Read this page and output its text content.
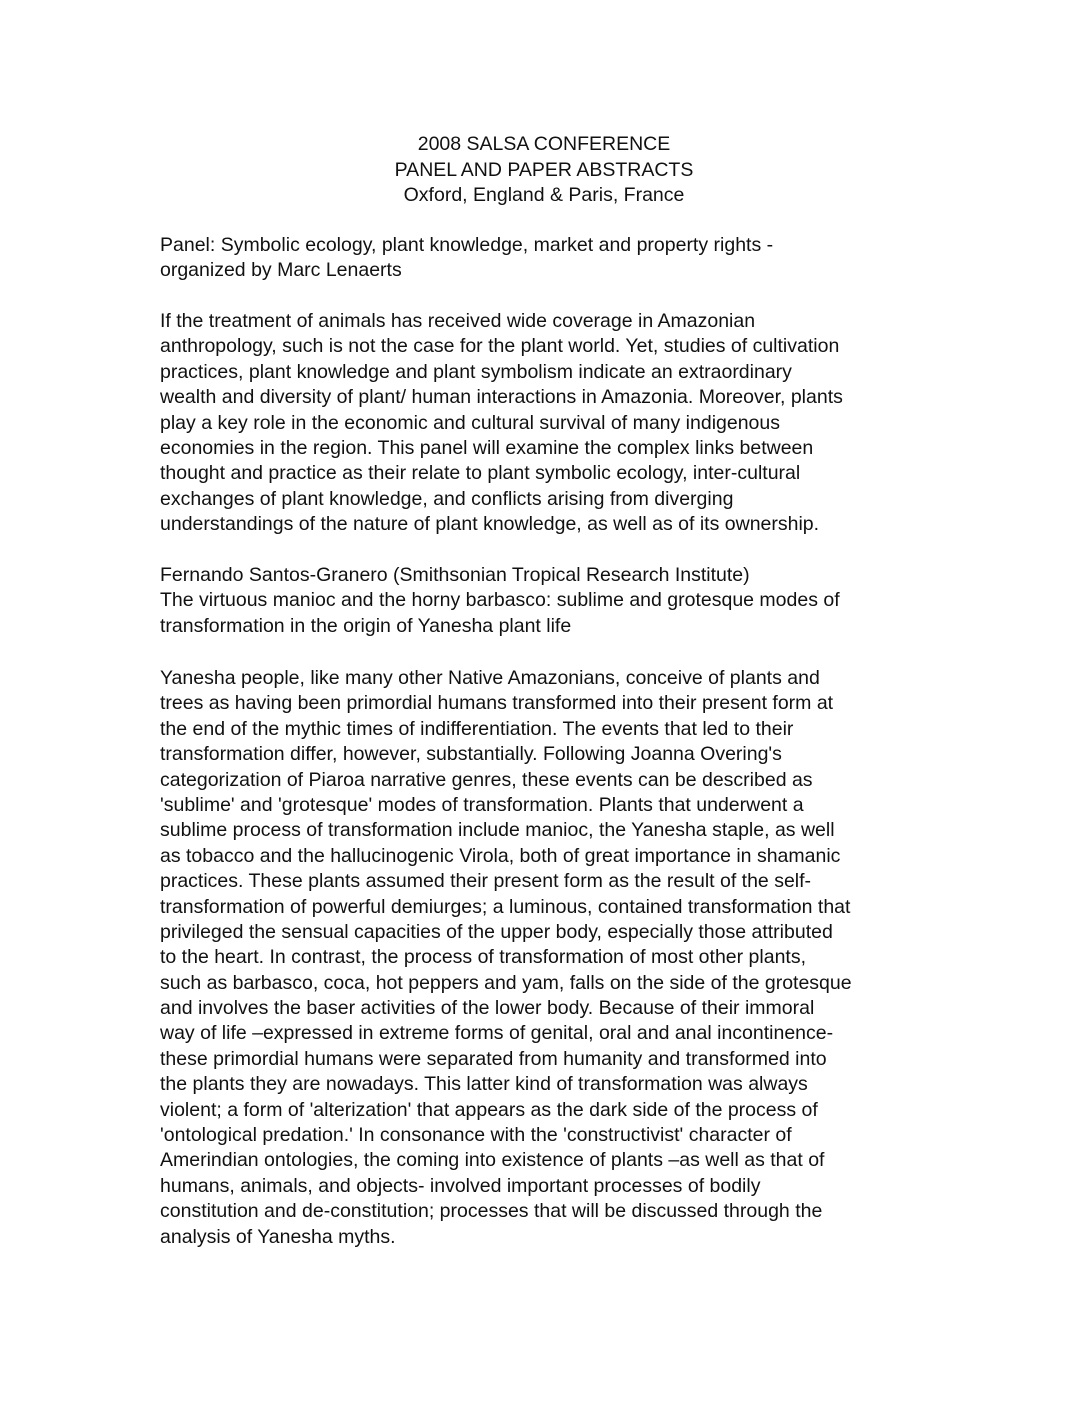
2008 SALSA CONFERENCE
PANEL AND PAPER ABSTRACTS
Oxford, England & Paris, France
Panel: Symbolic ecology, plant knowledge, market and property rights -
organized by Marc Lenaerts
If the treatment of animals has received wide coverage in Amazonian
anthropology, such is not the case for the plant world. Yet, studies of cultivation
practices, plant knowledge and plant symbolism indicate an extraordinary
wealth and diversity of plant/ human interactions in Amazonia. Moreover, plants
play a key role in the economic and cultural survival of many indigenous
economies in the region. This panel will examine the complex links between
thought and practice as their relate to plant symbolic ecology, inter-cultural
exchanges of plant knowledge, and conflicts arising from diverging
understandings of the nature of plant knowledge, as well as of its ownership.
Fernando Santos-Granero (Smithsonian Tropical Research Institute)
The virtuous manioc and the horny barbasco: sublime and grotesque modes of
transformation in the origin of Yanesha plant life
Yanesha people, like many other Native Amazonians, conceive of plants and
trees as having been primordial humans transformed into their present form at
the end of the mythic times of indifferentiation. The events that led to their
transformation differ, however, substantially. Following Joanna Overing's
categorization of Piaroa narrative genres, these events can be described as
'sublime' and 'grotesque' modes of transformation. Plants that underwent a
sublime process of transformation include manioc, the Yanesha staple, as well
as tobacco and the hallucinogenic Virola, both of great importance in shamanic
practices. These plants assumed their present form as the result of the self-
transformation of powerful demiurges; a luminous, contained transformation that
privileged the sensual capacities of the upper body, especially those attributed
to the heart. In contrast, the process of transformation of most other plants,
such as barbasco, coca, hot peppers and yam, falls on the side of the grotesque
and involves the baser activities of the lower body. Because of their immoral
way of life –expressed in extreme forms of genital, oral and anal incontinence-
these primordial humans were separated from humanity and transformed into
the plants they are nowadays. This latter kind of transformation was always
violent; a form of 'alterization' that appears as the dark side of the process of
'ontological predation.' In consonance with the 'constructivist' character of
Amerindian ontologies, the coming into existence of plants –as well as that of
humans, animals, and objects- involved important processes of bodily
constitution and de-constitution; processes that will be discussed through the
analysis of Yanesha myths.
